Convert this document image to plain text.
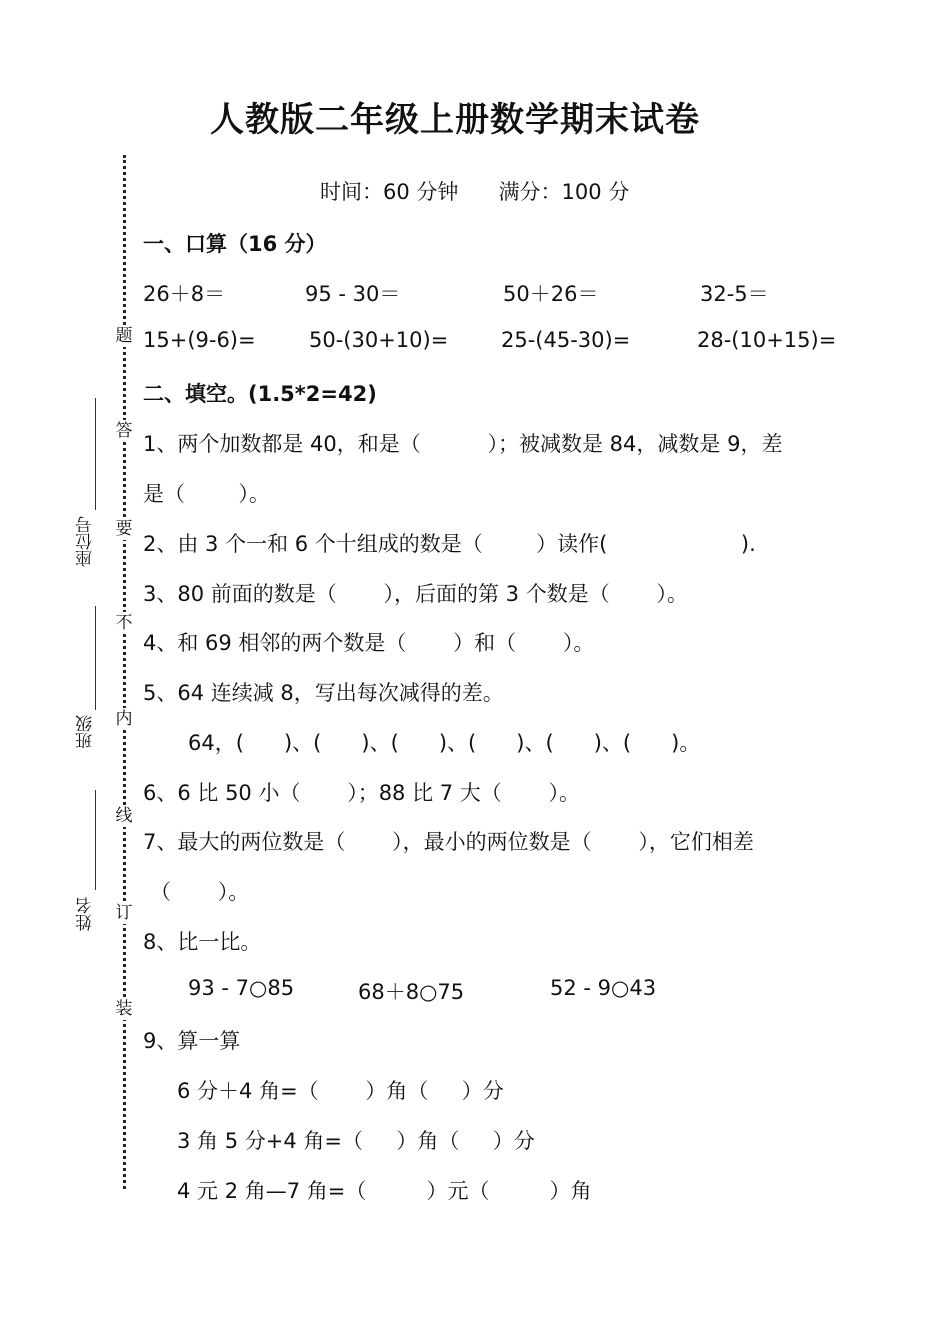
人教版二年级上册数学期末试卷
时间：60 分钟 满分：100 分
题
答
要
不
内
线
订
装
座位号
班级
姓名
一、口算（16 分）
26＋8＝	95 - 30＝	50＋26＝	32-5＝
15+(9-6)=	50-(30+10)=	25-(45-30)=	28-(10+15)=
二、填空。(1.5*2=42)
1、两个加数都是 40，和是（          ）；被减数是 84，减数是 9，差
是（        ）。
2、由 3 个一和 6 个十组成的数是（        ）读作(                    ).
3、80 前面的数是（       ），后面的第 3 个数是（       ）。
4、和 69 相邻的两个数是（       ）和（       ）。
5、64 连续减 8，写出每次减得的差。
64，(      )、(      )、(      )、(      )、(      )、(      )。
6、6 比 50 小（       ）；88 比 7 大（       ）。
7、最大的两位数是（       ），最小的两位数是（       ），它们相差
（       ）。
8、比一比。
93 - 7○85	68＋8○75	52 - 9○43
9、算一算
6 分＋4 角=（       ）角（     ）分
3 角 5 分+4 角=（     ）角（     ）分
4 元 2 角—7 角=（         ）元（         ）角
